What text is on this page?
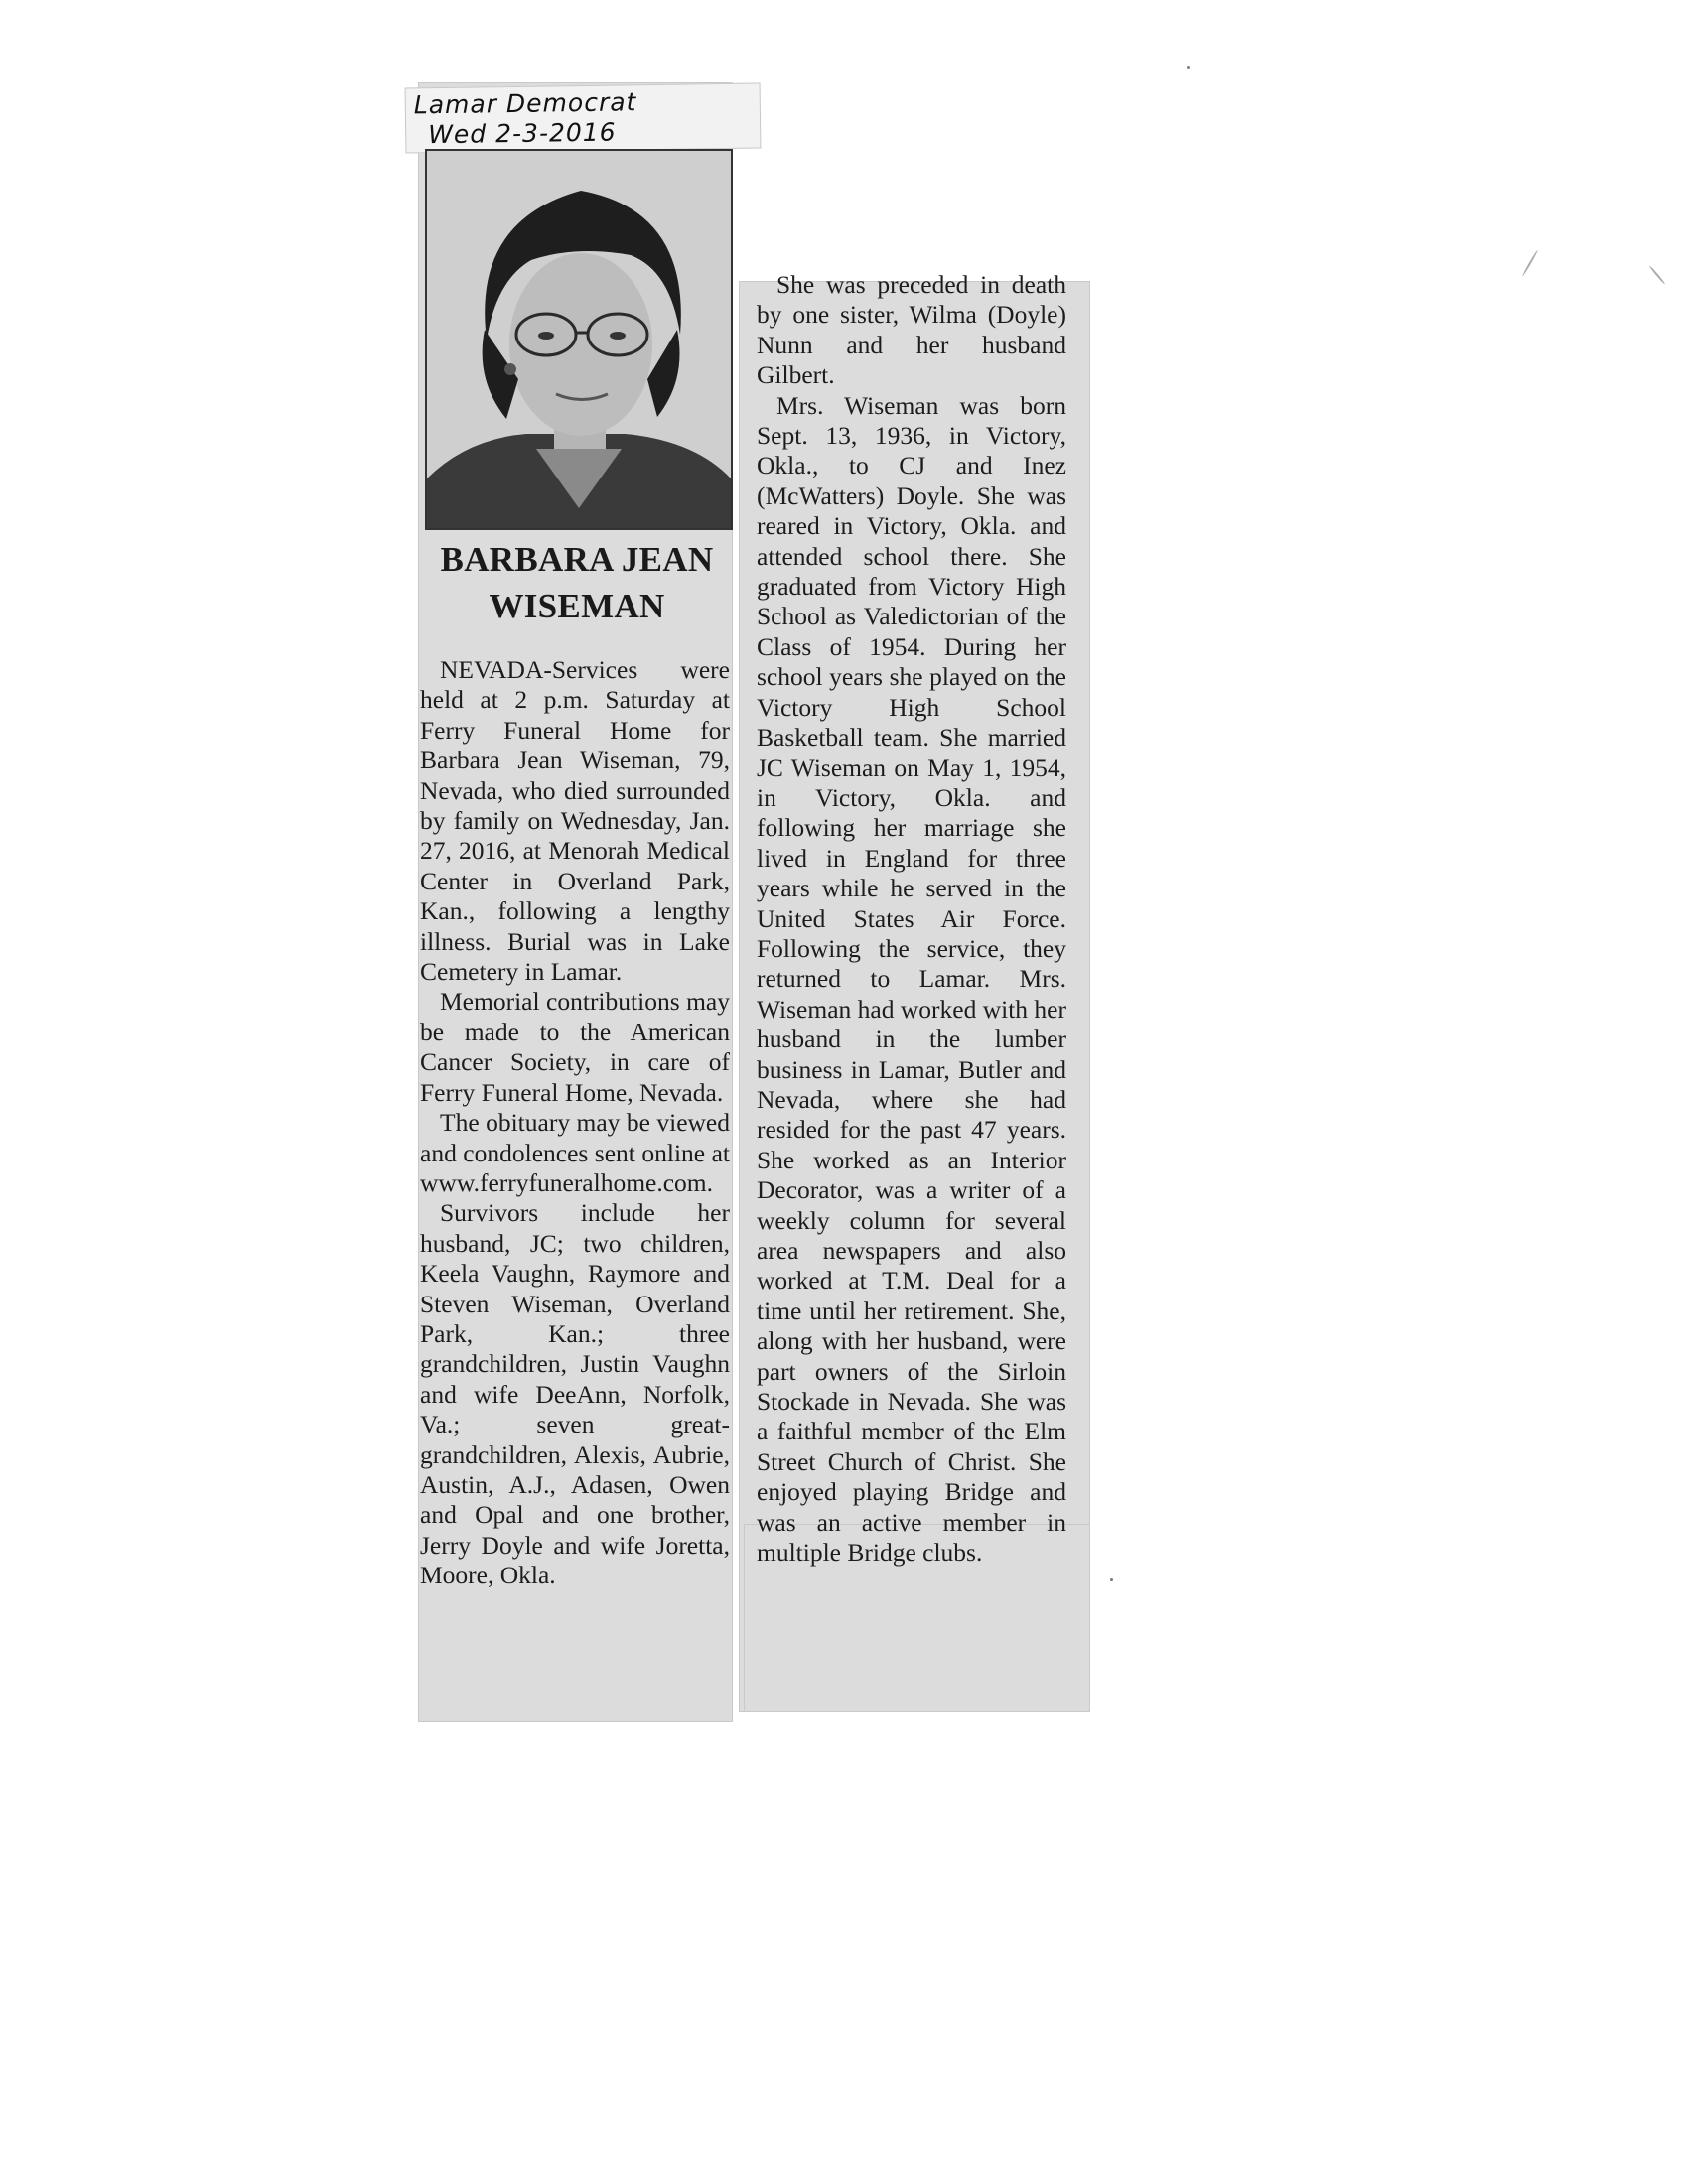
Lamar Democrat
Wed 2-3-2016
BARBARA JEAN WISEMAN

NEVADA-Services were held at 2 p.m. Saturday at Ferry Funeral Home for Barbara Jean Wiseman, 79, Nevada, who died surrounded by family on Wednesday, Jan. 27, 2016, at Menorah Medical Center in Overland Park, Kan., following a lengthy illness. Burial was in Lake Cemetery in Lamar.

Memorial contributions may be made to the American Cancer Society, in care of Ferry Funeral Home, Nevada.

The obituary may be viewed and condolences sent online at www.ferryfuneralhome.com.

Survivors include her husband, JC; two children, Keela Vaughn, Raymore and Steven Wiseman, Overland Park, Kan.; three grandchildren, Justin Vaughn and wife DeeAnn, Norfolk, Va.; seven great-grandchildren, Alexis, Aubrie, Austin, A.J., Adasen, Owen and Opal and one brother, Jerry Doyle and wife Joretta, Moore, Okla.

She was preceded in death by one sister, Wilma (Doyle) Nunn and her husband Gilbert.

Mrs. Wiseman was born Sept. 13, 1936, in Victory, Okla., to CJ and Inez (McWatters) Doyle. She was reared in Victory, Okla. and attended school there. She graduated from Victory High School as Valedictorian of the Class of 1954. During her school years she played on the Victory High School Basketball team. She married JC Wiseman on May 1, 1954, in Victory, Okla. and following her marriage she lived in England for three years while he served in the United States Air Force. Following the service, they returned to Lamar. Mrs. Wiseman had worked with her husband in the lumber business in Lamar, Butler and Nevada, where she had resided for the past 47 years. She worked as an Interior Decorator, was a writer of a weekly column for several area newspapers and also worked at T.M. Deal for a time until her retirement. She, along with her husband, were part owners of the Sirloin Stockade in Nevada. She was a faithful member of the Elm Street Church of Christ. She enjoyed playing Bridge and was an active member in multiple Bridge clubs.
